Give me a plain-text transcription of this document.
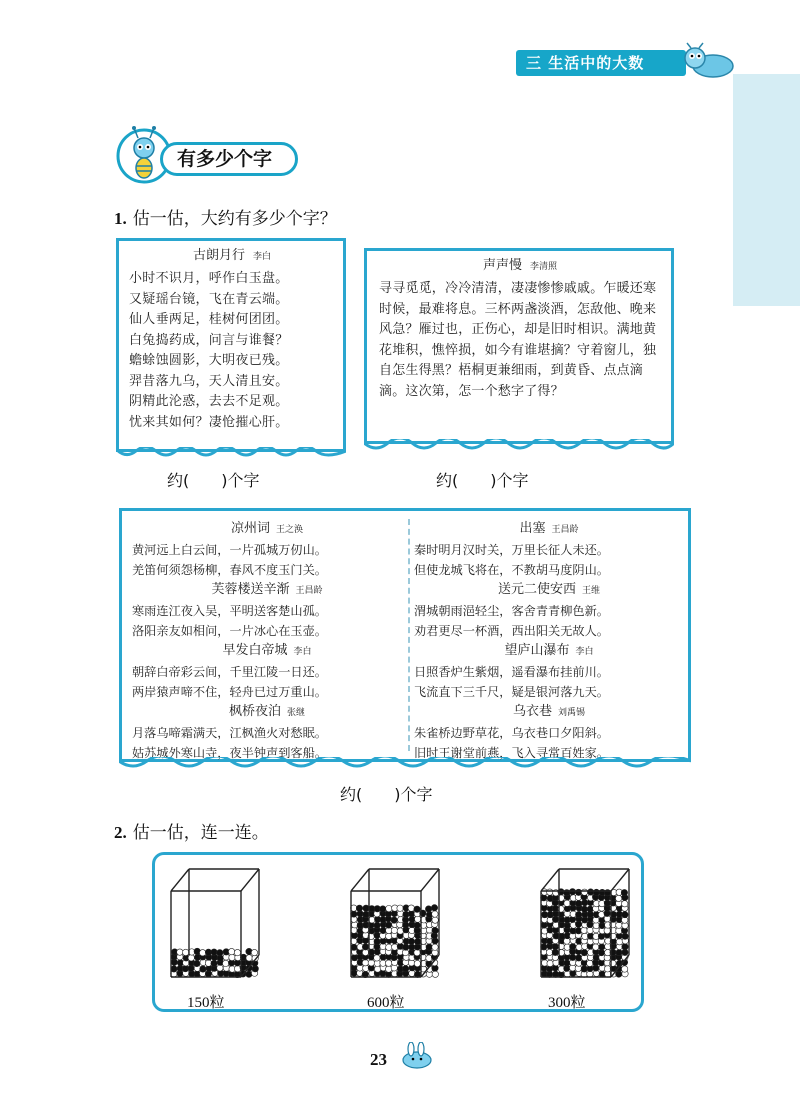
三 生活中的大数
有多少个字
1. 估一估，大约有多少个字？
古朗月行 李白
小时不识月，呼作白玉盘。
又疑瑶台镜，飞在青云端。
仙人垂两足，桂树何团团。
白兔捣药成，问言与谁餐？
蟾蜍蚀圆影，大明夜已残。
羿昔落九乌，天人清且安。
阴精此沦惑，去去不足观。
忧来其如何？凄怆摧心肝。
声声慢 李清照
寻寻觅觅，冷冷清清，凄凄惨惨戚戚。乍暖还寒时候，最难将息。三杯两盏淡酒，怎敌他、晚来风急？雁过也，正伤心，却是旧时相识。满地黄花堆积，憔悴损，如今有谁堪摘？守着窗儿，独自怎生得黑？梧桐更兼细雨，到黄昏、点点滴滴。这次第，怎一个愁字了得？
约(　　)个字	约(　　)个字
凉州词 王之涣
黄河远上白云间，一片孤城万仞山。
羌笛何须怨杨柳，春风不度玉门关。
芙蓉楼送辛渐 王昌龄
寒雨连江夜入吴，平明送客楚山孤。
洛阳亲友如相问，一片冰心在玉壶。
早发白帝城 李白
朝辞白帝彩云间，千里江陵一日还。
两岸猿声啼不住，轻舟已过万重山。
枫桥夜泊 张继
月落乌啼霜满天，江枫渔火对愁眠。
姑苏城外寒山寺，夜半钟声到客船。
出塞 王昌龄
秦时明月汉时关，万里长征人未还。
但使龙城飞将在，不教胡马度阴山。
送元二使安西 王维
渭城朝雨浥轻尘，客舍青青柳色新。
劝君更尽一杯酒，西出阳关无故人。
望庐山瀑布 李白
日照香炉生紫烟，遥看瀑布挂前川。
飞流直下三千尺，疑是银河落九天。
乌衣巷 刘禹锡
朱雀桥边野草花，乌衣巷口夕阳斜。
旧时王谢堂前燕，飞入寻常百姓家。
约(　　)个字
2. 估一估，连一连。
150粒	600粒	300粒
23
